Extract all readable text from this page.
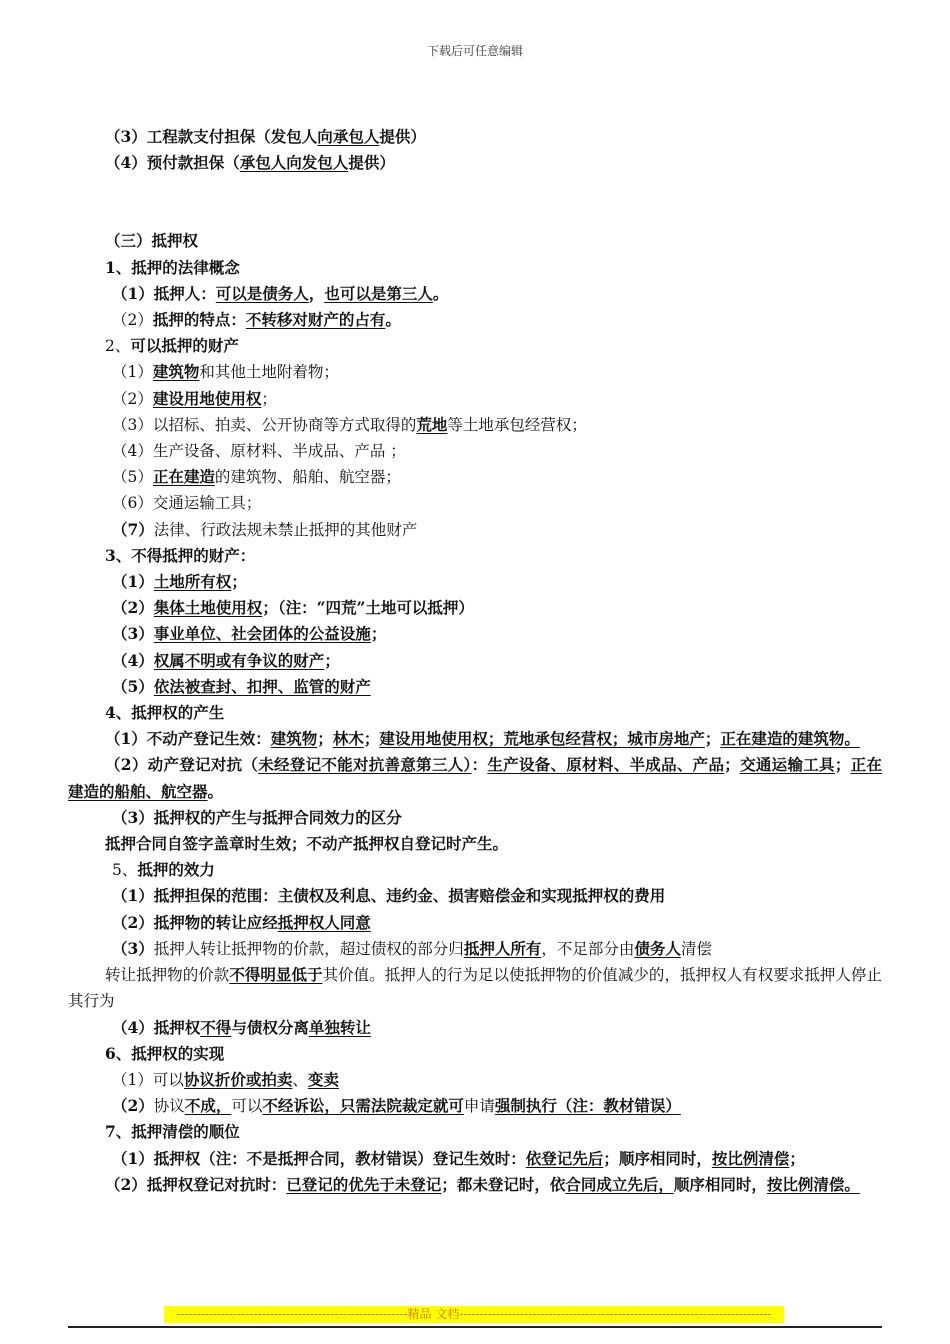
下载后可任意编辑
（3）工程款支付担保（发包人向承包人提供）
（4）预付款担保（承包人向发包人提供）
（三）抵押权
1、抵押的法律概念
（1）抵押人：可以是债务人，也可以是第三人。
（2）抵押的特点：不转移对财产的占有。
2、可以抵押的财产
（1）建筑物和其他土地附着物；
（2）建设用地使用权；
（3）以招标、拍卖、公开协商等方式取得的荒地等土地承包经营权；
（4）生产设备、原材料、半成品、产品 ；
（5）正在建造的建筑物、船舶、航空器；
（6）交通运输工具；
（7）法律、行政法规未禁止抵押的其他财产
3、不得抵押的财产：
（1）土地所有权；
（2）集体土地使用权；（注：“四荒”土地可以抵押）
（3）事业单位、社会团体的公益设施；
（4）权属不明或有争议的财产；
（5）依法被查封、扣押、监管的财产
4、抵押权的产生
（1）不动产登记生效：建筑物；林木；建设用地使用权；荒地承包经营权；城市房地产；正在建造的建筑物。
（2）动产登记对抗（未经登记不能对抗善意第三人）：生产设备、原材料、半成品、产品；交通运输工具；正在建造的船舶、航空器。
（3）抵押权的产生与抵押合同效力的区分
抵押合同自签字盖章时生效；不动产抵押权自登记时产生。
5、抵押的效力
（1）抵押担保的范围：主债权及利息、违约金、损害赔偿金和实现抵押权的费用
（2）抵押物的转让应经抵押权人同意
（3）抵押人转让抵押物的价款，超过债权的部分归抵押人所有，不足部分由债务人清偿
转让抵押物的价款不得明显低于其价值。抵押人的行为足以使抵押物的价值减少的，抵押权人有权要求抵押人停止其行为
（4）抵押权不得与债权分离单独转让
6、抵押权的实现
（1）可以协议折价或拍卖、变卖
（2）协议不成，可以不经诉讼，只需法院裁定就可申请强制执行（注：教材错误）
7、抵押清偿的顺位
（1）抵押权（注：不是抵押合同，教材错误）登记生效时：依登记先后；顺序相同时，按比例清偿；
（2）抵押权登记对抗时：已登记的优先于未登记；都未登记时，依合同成立先后，顺序相同时，按比例清偿。
---------------------------------------------------------精品 文档-----------------------------------------------------------------------------
